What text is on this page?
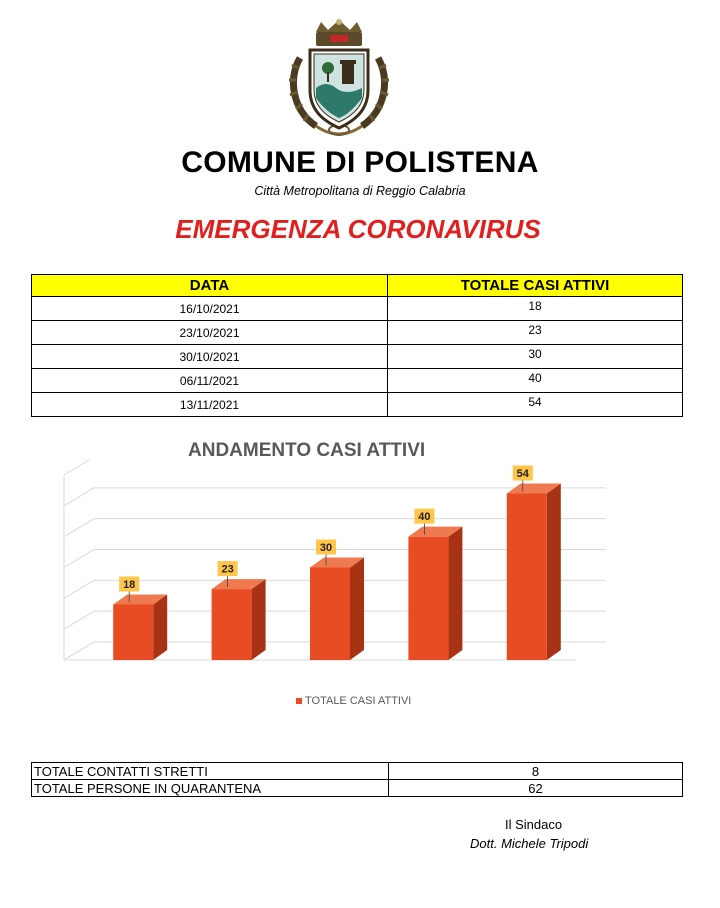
COMUNE DI POLISTENA
Città Metropolitana di Reggio Calabria
EMERGENZA CORONAVIRUS
DATA	TOTALE CASI ATTIVI
16/10/2021	18
23/10/2021	23
30/10/2021	30
06/11/2021	40
13/11/2021	54
ANDAMENTO CASI ATTIVI
18
23
30
40
54
TOTALE CASI ATTIVI
TOTALE CONTATTI STRETTI	8
TOTALE PERSONE IN QUARANTENA	62
Il Sindaco
Dott. Michele Tripodi
